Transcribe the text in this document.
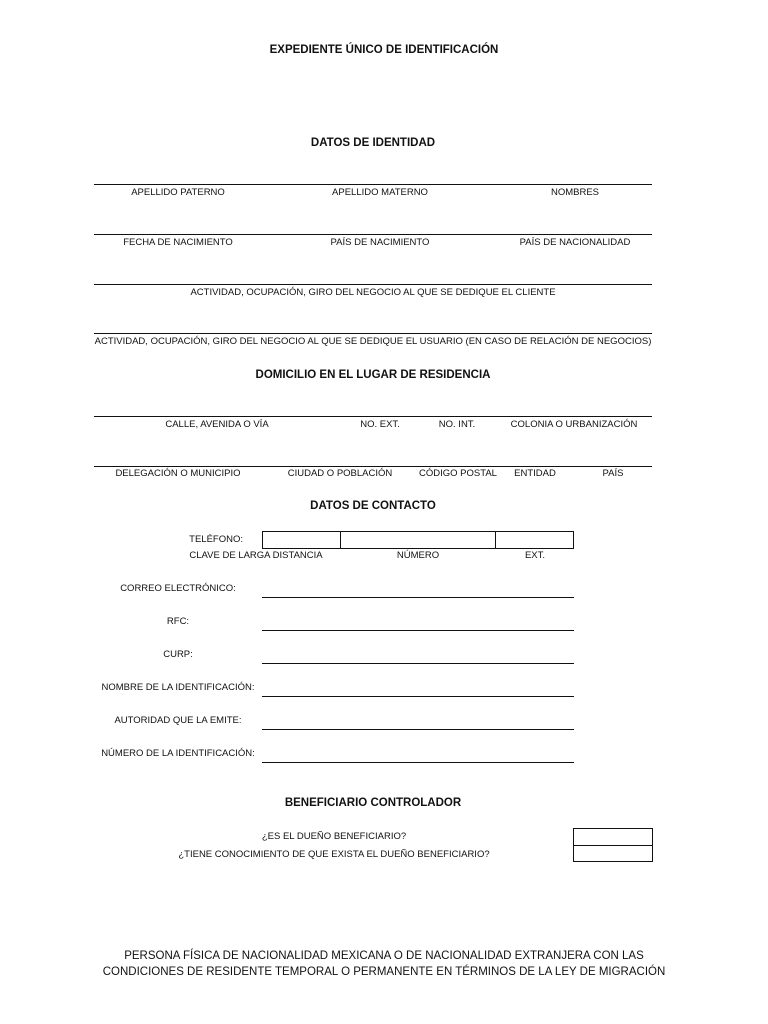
EXPEDIENTE ÚNICO DE IDENTIFICACIÓN
DATOS DE IDENTIDAD
APELLIDO PATERNO	APELLIDO MATERNO	NOMBRES
FECHA DE NACIMIENTO	PAÍS DE NACIMIENTO	PAÍS DE NACIONALIDAD
ACTIVIDAD, OCUPACIÓN, GIRO DEL NEGOCIO AL QUE SE DEDIQUE EL CLIENTE
ACTIVIDAD, OCUPACIÓN, GIRO DEL NEGOCIO AL QUE SE DEDIQUE EL USUARIO (EN CASO DE RELACIÓN DE NEGOCIOS)
DOMICILIO EN EL LUGAR DE RESIDENCIA
CALLE, AVENIDA O VÍA	NO. EXT.	NO. INT.	COLONIA O URBANIZACIÓN
DELEGACIÓN O MUNICIPIO	CIUDAD O POBLACIÓN	CÓDIGO POSTAL	ENTIDAD	PAÍS
DATOS DE CONTACTO
TELÉFONO:
CLAVE DE LARGA DISTANCIA	NÚMERO	EXT.
CORREO ELECTRÓNICO:
RFC:
CURP:
NOMBRE DE LA IDENTIFICACIÓN:
AUTORIDAD QUE LA EMITE:
NÚMERO DE LA IDENTIFICACIÓN:
BENEFICIARIO CONTROLADOR
¿ES EL DUEÑO BENEFICIARIO?
¿TIENE CONOCIMIENTO DE QUE EXISTA EL DUEÑO BENEFICIARIO?
PERSONA FÍSICA DE NACIONALIDAD MEXICANA O DE NACIONALIDAD EXTRANJERA CON LAS
CONDICIONES DE RESIDENTE TEMPORAL O PERMANENTE EN TÉRMINOS DE LA LEY DE MIGRACIÓN
